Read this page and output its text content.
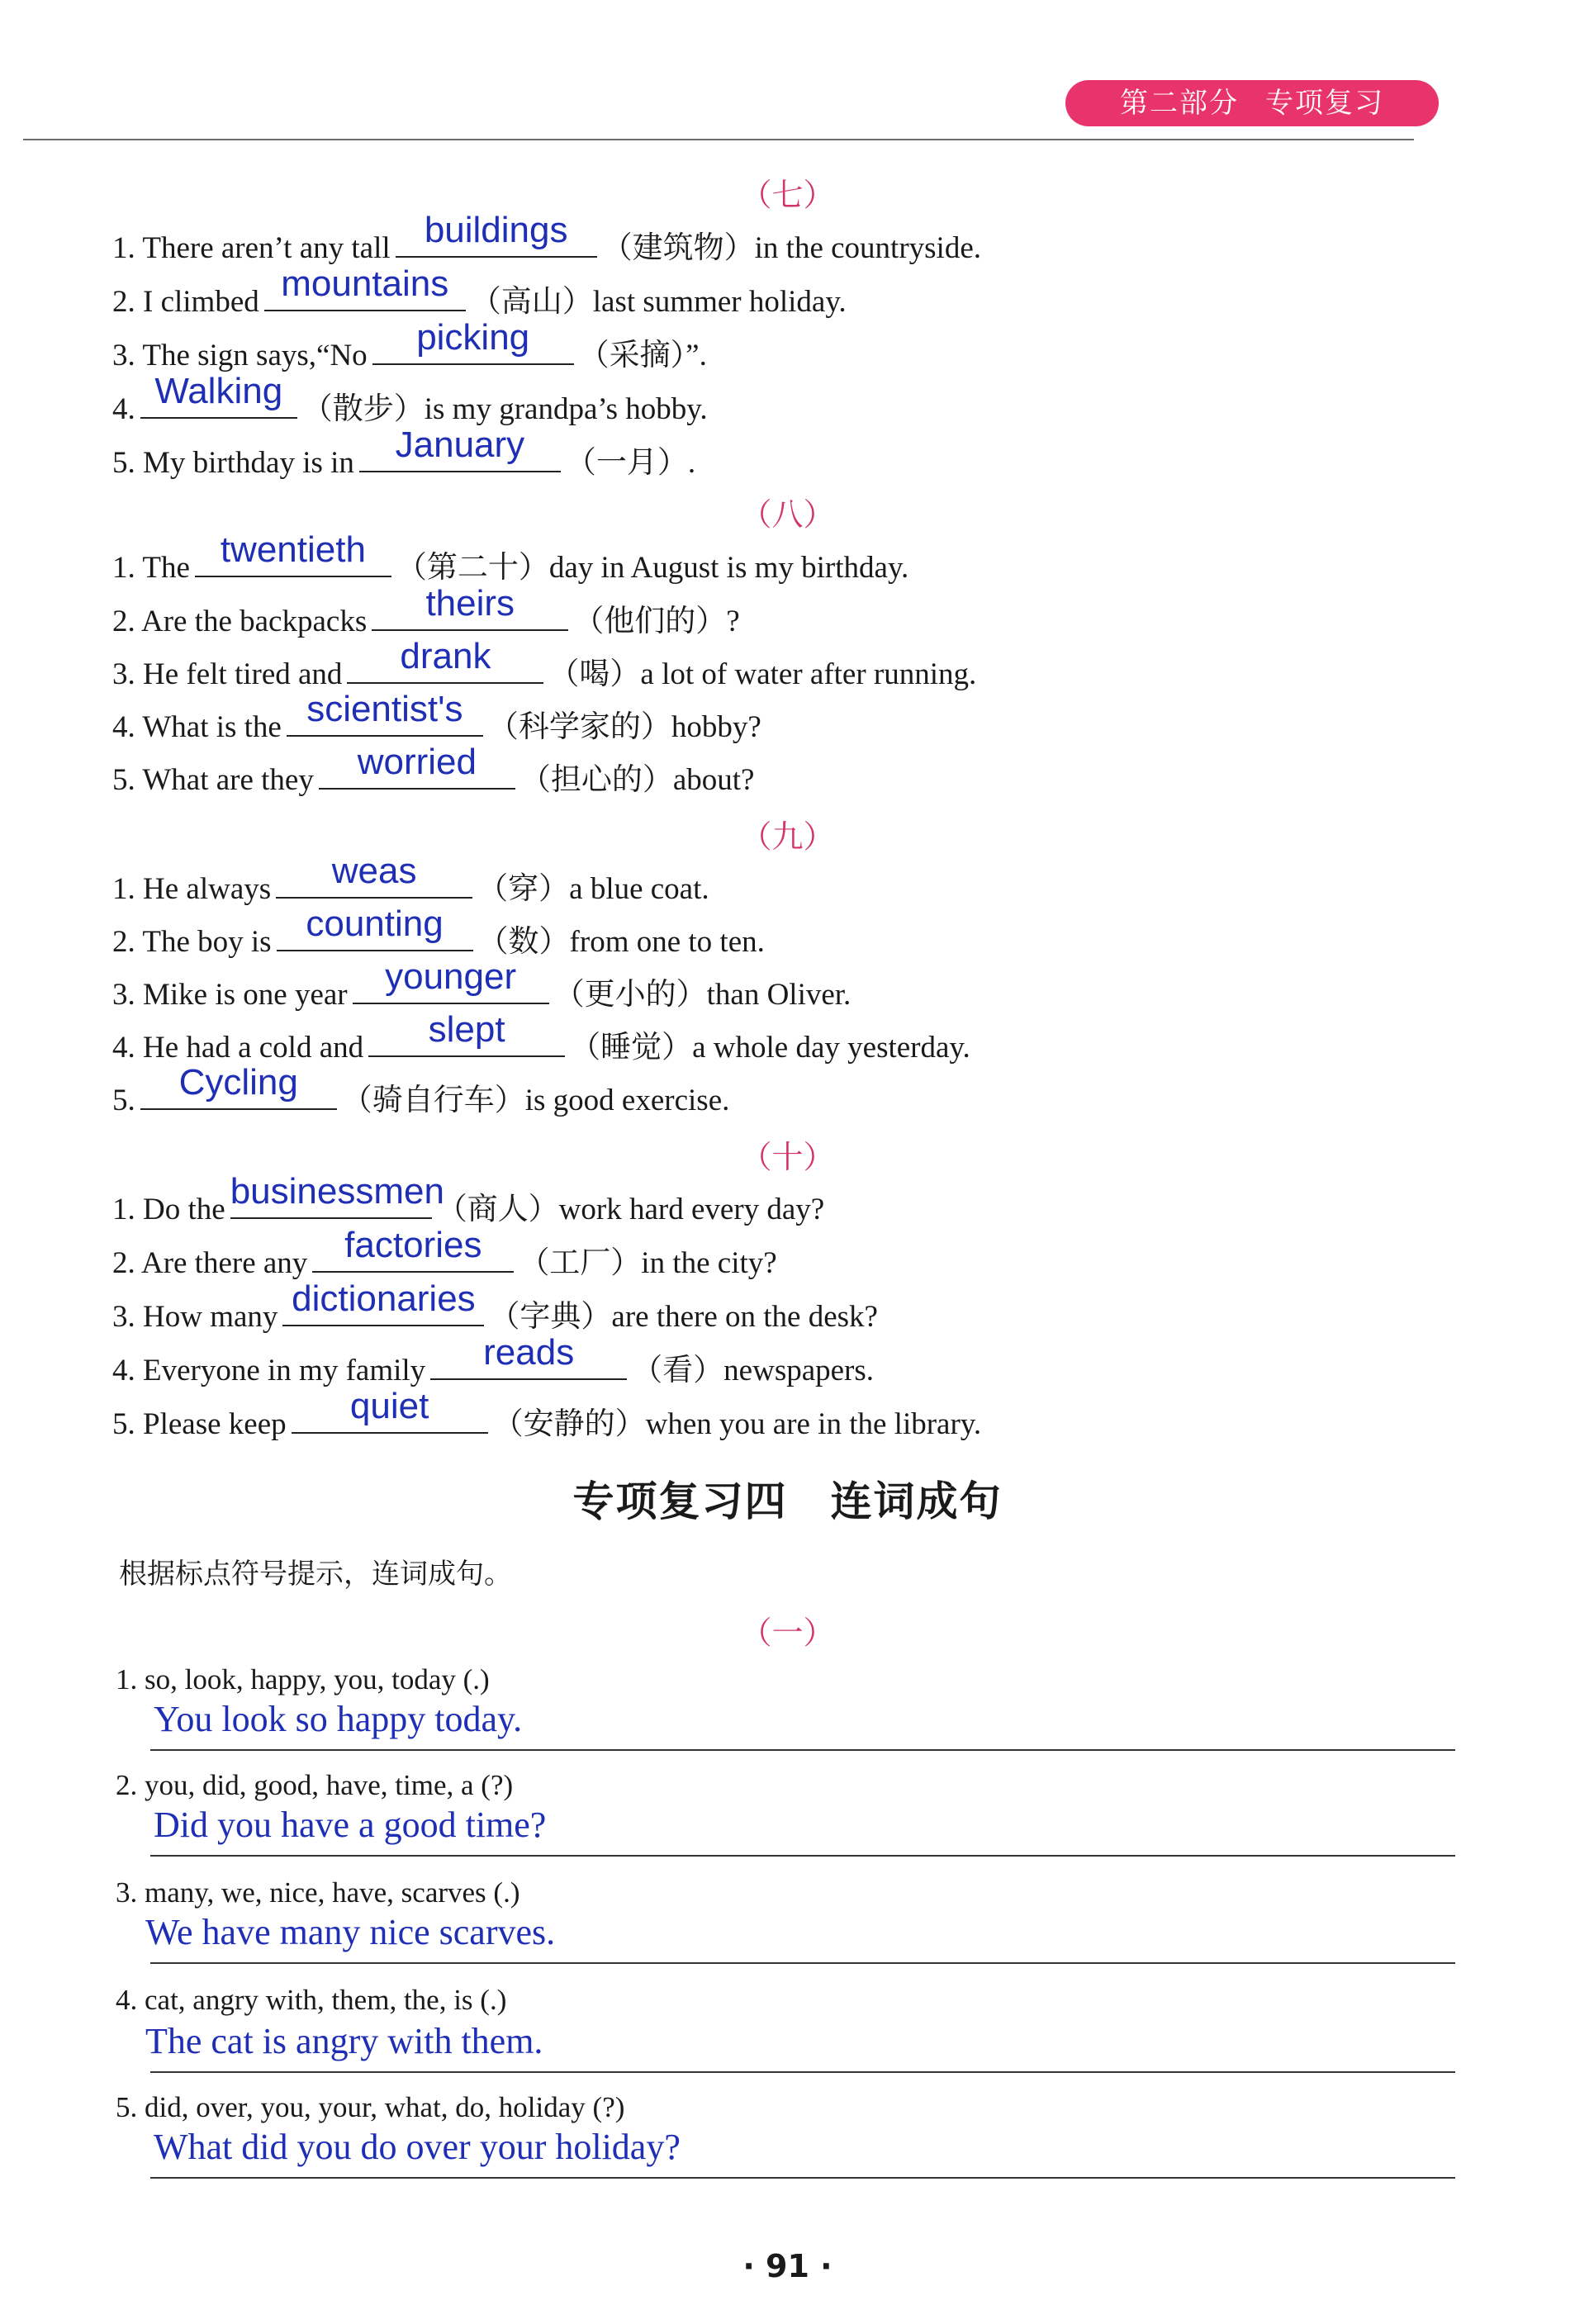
第二部分 专项复习
（七）
1. There aren’t any tall buildings	（建筑物）in the countryside.
2. I climbed mountains （高山）last summer holiday.
3. The sign says,“No	picking	（采摘）”.
4. Walking （散步）is my grandpa’s hobby.
5. My birthday is in	January	（一月）.
（八）
1. The twentieth （第二十）day in August is my birthday.
2. Are the backpacks	theirs	（他们的）?
3. He felt tired and	drank	（喝）a lot of water after running.
4. What is the scientist's （科学家的）hobby?
5. What are they	worried	（担心的）about?
（九）
1. He always	weas	（穿）a blue coat.
2. The boy is counting	（数）from one to ten.
3. Mike is one year	younger	（更小的）than Oliver.
4. He had a cold and	slept	（睡觉）a whole day yesterday.
5.	Cycling	（骑自行车）is good exercise.
（十）
1. Do the businessmen
（商人）work hard every day?
2. Are there any	factories	（工厂）in the city?
3. How many dictionaries （字典）are there on the desk?
4. Everyone in my family	reads	（看）newspapers.
5. Please keep	quiet	（安静的）when you are in the library.
专项复习四　连词成句
根据标点符号提示，连词成句。
（一）
1. so, look, happy, you, today (.)
You look so happy today.
2. you, did, good, have, time, a (?)
Did you have a good time?
3. many, we, nice, have, scarves (.)
We have many nice scarves.
4. cat, angry with, them, the, is (.)
The cat is angry with them.
5. did, over, you, your, what, do, holiday (?)
What did you do over your holiday?
· 91 ·
